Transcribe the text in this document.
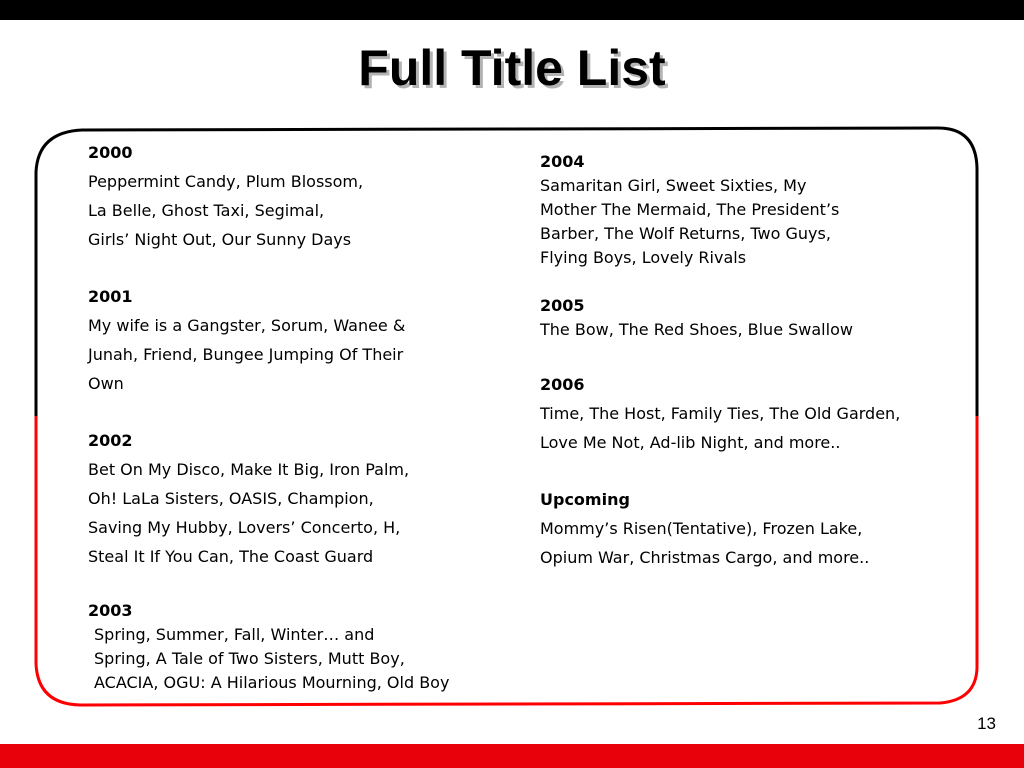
Full Title List
2000
Peppermint Candy, Plum Blossom,
La Belle, Ghost Taxi, Segimal,
Girls’ Night Out, Our Sunny Days
2001
My wife is a Gangster, Sorum, Wanee &
Junah, Friend, Bungee Jumping Of Their
Own
2002
Bet On My Disco, Make It Big, Iron Palm,
Oh! LaLa Sisters, OASIS, Champion,
Saving My Hubby, Lovers’ Concerto, H,
Steal It If You Can, The Coast Guard
2003
Spring, Summer, Fall, Winter… and
Spring, A Tale of Two Sisters, Mutt Boy,
ACACIA, OGU: A Hilarious Mourning, Old Boy
2004
Samaritan Girl, Sweet Sixties, My
Mother The Mermaid, The President’s
Barber, The Wolf Returns, Two Guys,
Flying Boys, Lovely Rivals
2005
The Bow, The Red Shoes, Blue Swallow
2006
Time, The Host, Family Ties, The Old Garden,
Love Me Not, Ad-lib Night, and more..
Upcoming
Mommy’s Risen(Tentative), Frozen Lake,
Opium War, Christmas Cargo, and more..
13
